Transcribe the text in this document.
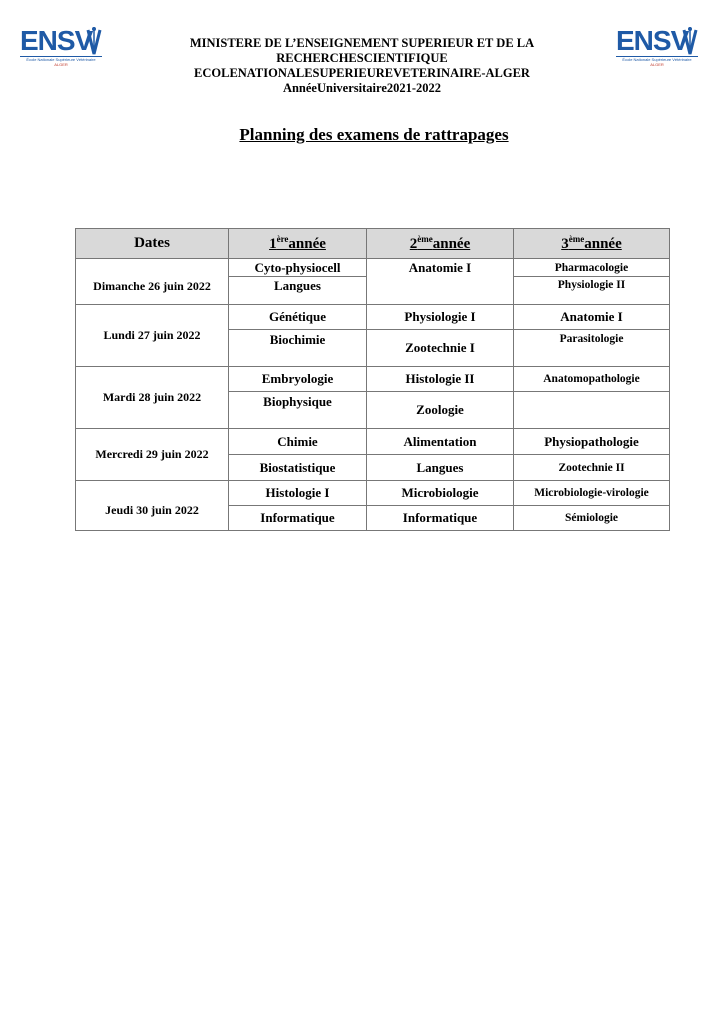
ENSV
École Nationale Supérieure Vétérinaire
ALGER
ENSV
École Nationale Supérieure Vétérinaire
ALGER
MINISTERE DE L’ENSEIGNEMENT SUPERIEUR ET DE LA
RECHERCHESCIENTIFIQUE
ECOLENATIONALESUPERIEUREVETERINAIRE-ALGER
AnnéeUniversitaire2021-2022
Planning des examens de rattrapages
Dates	1èreannée	2èmeannée	3èmeannée
Dimanche 26 juin 2022	Cyto-physiocell	Anatomie I	Pharmacologie
	Langues		Physiologie II
Lundi 27 juin 2022	Génétique	Physiologie I	Anatomie I
	Biochimie	Zootechnie I	Parasitologie
Mardi 28 juin 2022	Embryologie	Histologie II	Anatomopathologie
	Biophysique	Zoologie	
Mercredi 29 juin 2022	Chimie	Alimentation	Physiopathologie
	Biostatistique	Langues	Zootechnie II
Jeudi 30 juin 2022	Histologie I	Microbiologie	Microbiologie-virologie
	Informatique	Informatique	Sémiologie
